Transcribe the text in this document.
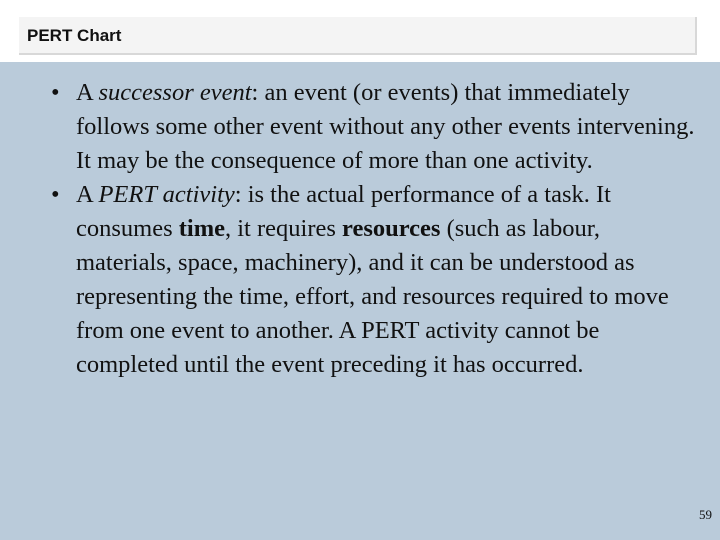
PERT Chart
• A successor event: an event (or events) that immediately follows some other event without any other events intervening. It may be the consequence of more than one activity.
• A PERT activity: is the actual performance of a task. It consumes time, it requires resources (such as labour, materials, space, machinery), and it can be understood as representing the time, effort, and resources required to move from one event to another. A PERT activity cannot be completed until the event preceding it has occurred.
59
